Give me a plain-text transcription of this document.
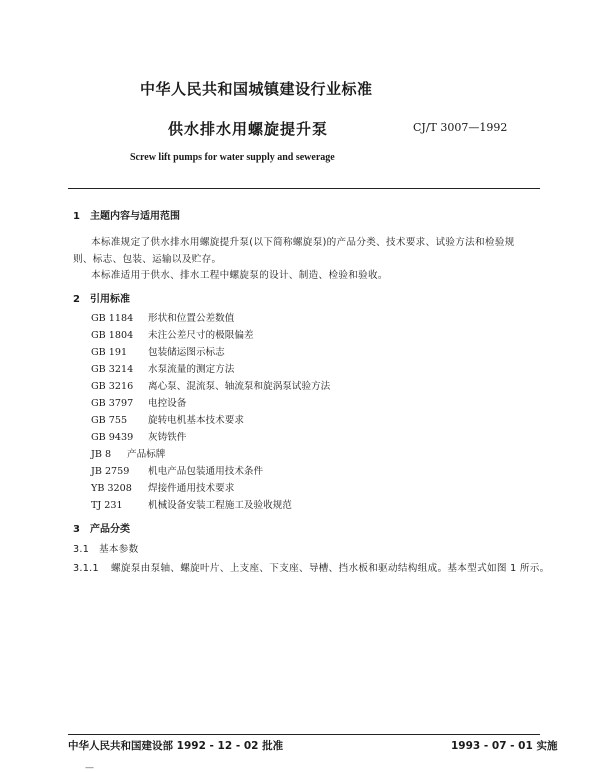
中华人民共和国城镇建设行业标准
供水排水用螺旋提升泵	CJ/T 3007—1992
Screw lift pumps for water supply and sewerage
1 主题内容与适用范围
本标准规定了供水排水用螺旋提升泵(以下简称螺旋泵)的产品分类、技术要求、试验方法和检验规
则、标志、包装、运输以及贮存。
本标准适用于供水、排水工程中螺旋泵的设计、制造、检验和验收。
2 引用标准
GB 1184 形状和位置公差数值
GB 1804 未注公差尺寸的极限偏差
GB 191 包装储运图示标志
GB 3214 水泵流量的测定方法
GB 3216 离心泵、混流泵、轴流泵和旋涡泵试验方法
GB 3797 电控设备
GB 755 旋转电机基本技术要求
GB 9439 灰铸铁件
JB 8 产品标牌
JB 2759 机电产品包装通用技术条件
YB 3208 焊接件通用技术要求
TJ 231	机械设备安装工程施工及验收规范
3 产品分类
3.1 基本参数
3.1.1 螺旋泵由泵轴、螺旋叶片、上支座、下支座、导槽、挡水板和驱动结构组成。基本型式如图 1 所示。
中华人民共和国建设部 1992 - 12 - 02 批准	1993 - 07 - 01 实施
—
